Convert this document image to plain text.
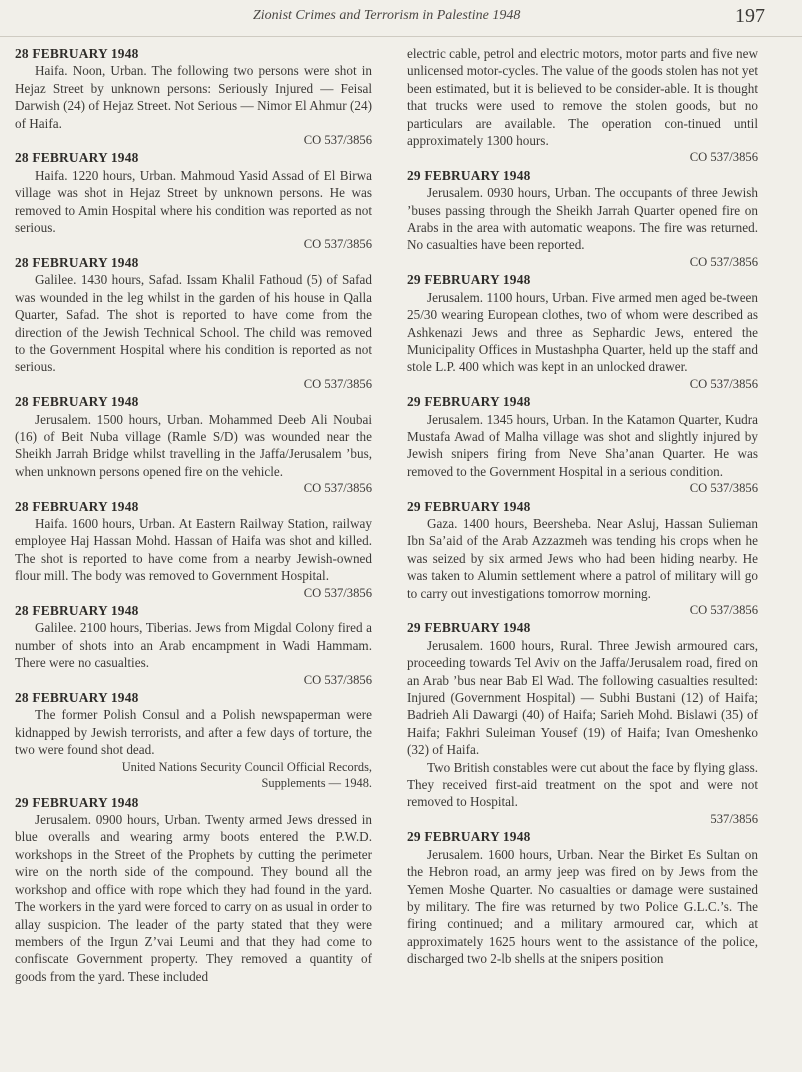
Zionist Crimes and Terrorism in Palestine 1948	197

28 FEBRUARY 1948

Haifa. Noon, Urban. The following two persons were shot in Hejaz Street by unknown persons: Seriously Injured — Feisal Darwish (24) of Hejaz Street. Not Serious — Nimor El Ahmur (24) of Haifa.

CO 537/3856

28 FEBRUARY 1948

Haifa. 1220 hours, Urban. Mahmoud Yasid Assad of El Birwa village was shot in Hejaz Street by unknown persons. He was removed to Amin Hospital where his condition was reported as not serious.

CO 537/3856

28 FEBRUARY 1948

Galilee. 1430 hours, Safad. Issam Khalil Fathoud (5) of Safad was wounded in the leg whilst in the garden of his house in Qalla Quarter, Safad. The shot is reported to have come from the direction of the Jewish Technical School. The child was removed to the Government Hospital where his condition is reported as not serious.

CO 537/3856

28 FEBRUARY 1948

Jerusalem. 1500 hours, Urban. Mohammed Deeb Ali Noubai (16) of Beit Nuba village (Ramle S/D) was wounded near the Sheikh Jarrah Bridge whilst travelling in the Jaffa/Jerusalem ’bus, when unknown persons opened fire on the vehicle.

CO 537/3856

28 FEBRUARY 1948

Haifa. 1600 hours, Urban. At Eastern Railway Station, railway employee Haj Hassan Mohd. Hassan of Haifa was shot and killed. The shot is reported to have come from a nearby Jewish-owned flour mill. The body was removed to Government Hospital.

CO 537/3856

28 FEBRUARY 1948

Galilee. 2100 hours, Tiberias. Jews from Migdal Colony fired a number of shots into an Arab encampment in Wadi Hammam. There were no casualties.

CO 537/3856

28 FEBRUARY 1948

The former Polish Consul and a Polish newspaperman were kidnapped by Jewish terrorists, and after a few days of torture, the two were found shot dead.

United Nations Security Council Official Records,

Supplements — 1948.

29 FEBRUARY 1948

Jerusalem. 0900 hours, Urban. Twenty armed Jews dressed in blue overalls and wearing army boots entered the P.W.D. workshops in the Street of the Prophets by cutting the perimeter wire on the north side of the compound. They bound all the workshop and office with rope which they had found in the yard. The workers in the yard were forced to carry on as usual in order to allay suspicion. The leader of the party stated that they were members of the Irgun Z’vai Leumi and that they had come to confiscate Government property. They removed a quantity of goods from the yard. These included

electric cable, petrol and electric motors, motor parts and five new unlicensed motor-cycles. The value of the goods stolen has not yet been estimated, but it is believed to be consider-able. It is thought that trucks were used to remove the stolen goods, but no particulars are available. The operation con-tinued until approximately 1300 hours.

CO 537/3856

29 FEBRUARY 1948

Jerusalem. 0930 hours, Urban. The occupants of three Jewish ’buses passing through the Sheikh Jarrah Quarter opened fire on Arabs in the area with automatic weapons. The fire was returned. No casualties have been reported.

CO 537/3856

29 FEBRUARY 1948

Jerusalem. 1100 hours, Urban. Five armed men aged be-tween 25/30 wearing European clothes, two of whom were described as Ashkenazi Jews and three as Sephardic Jews, entered the Municipality Offices in Mustashpha Quarter, held up the staff and stole L.P. 400 which was kept in an unlocked drawer.

CO 537/3856

29 FEBRUARY 1948

Jerusalem. 1345 hours, Urban. In the Katamon Quarter, Kudra Mustafa Awad of Malha village was shot and slightly injured by Jewish snipers firing from Neve Sha’anan Quarter. He was removed to the Government Hospital in a serious condition.

CO 537/3856

29 FEBRUARY 1948

Gaza. 1400 hours, Beersheba. Near Asluj, Hassan Sulieman Ibn Sa’aid of the Arab Azzazmeh was tending his crops when he was seized by six armed Jews who had been hiding nearby. He was taken to Alumin settlement where a patrol of military will go to carry out investigations tomorrow morning.

CO 537/3856

29 FEBRUARY 1948

Jerusalem. 1600 hours, Rural. Three Jewish armoured cars, proceeding towards Tel Aviv on the Jaffa/Jerusalem road, fired on an Arab ’bus near Bab El Wad. The following casualties resulted: Injured (Government Hospital) — Subhi Bustani (12) of Haifa; Badrieh Ali Dawargi (40) of Haifa; Sarieh Mohd. Bislawi (35) of Haifa; Fakhri Suleiman Yousef (19) of Haifa; Ivan Omeshenko (32) of Haifa.

Two British constables were cut about the face by flying glass. They received first-aid treatment on the spot and were not removed to Hospital.

537/3856

29 FEBRUARY 1948

Jerusalem. 1600 hours, Urban. Near the Birket Es Sultan on the Hebron road, an army jeep was fired on by Jews from the Yemen Moshe Quarter. No casualties or damage were sustained by military. The fire was returned by two Police G.L.C.’s. The firing continued; and a military armoured car, which at approximately 1625 hours went to the assistance of the police, discharged two 2-lb shells at the snipers position
